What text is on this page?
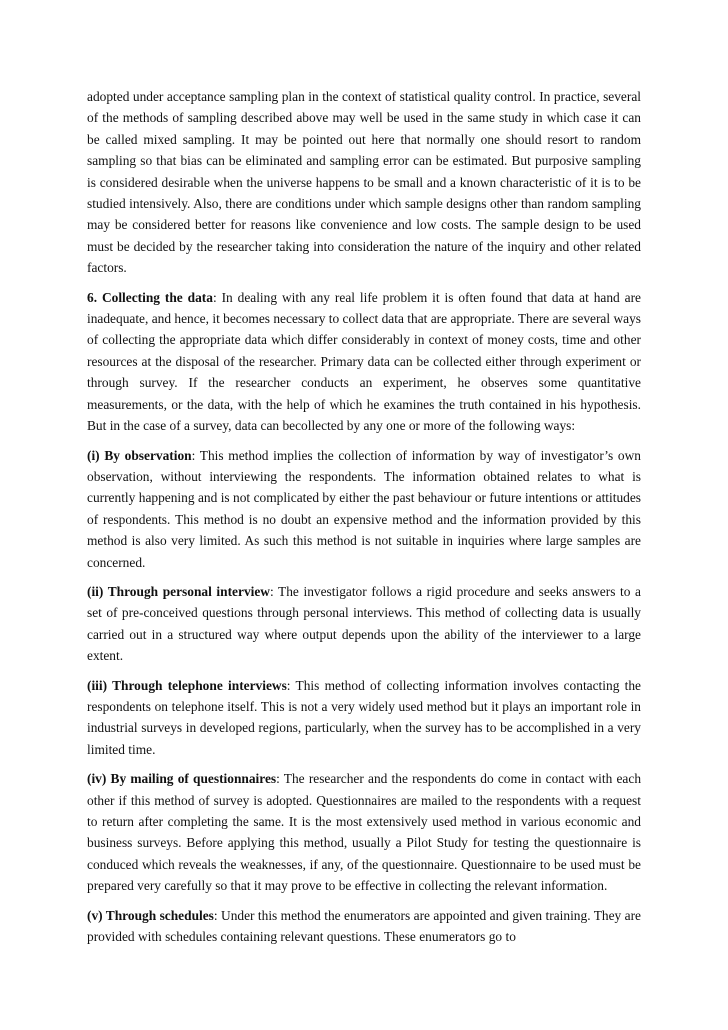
adopted under acceptance sampling plan in the context of statistical quality control. In practice, several of the methods of sampling described above may well be used in the same study in which case it can be called mixed sampling. It may be pointed out here that normally one should resort to random sampling so that bias can be eliminated and sampling error can be estimated. But purposive sampling is considered desirable when the universe happens to be small and a known characteristic of it is to be studied intensively. Also, there are conditions under which sample designs other than random sampling may be considered better for reasons like convenience and low costs. The sample design to be used must be decided by the researcher taking into consideration the nature of the inquiry and other related factors.

6. Collecting the data: In dealing with any real life problem it is often found that data at hand are inadequate, and hence, it becomes necessary to collect data that are appropriate. There are several ways of collecting the appropriate data which differ considerably in context of money costs, time and other resources at the disposal of the researcher. Primary data can be collected either through experiment or through survey. If the researcher conducts an experiment, he observes some quantitative measurements, or the data, with the help of which he examines the truth contained in his hypothesis. But in the case of a survey, data can becollected by any one or more of the following ways:

(i) By observation: This method implies the collection of information by way of investigator’s own observation, without interviewing the respondents. The information obtained relates to what is currently happening and is not complicated by either the past behaviour or future intentions or attitudes of respondents. This method is no doubt an expensive method and the information provided by this method is also very limited. As such this method is not suitable in inquiries where large samples are concerned.

(ii) Through personal interview: The investigator follows a rigid procedure and seeks answers to a set of pre-conceived questions through personal interviews. This method of collecting data is usually carried out in a structured way where output depends upon the ability of the interviewer to a large extent.

(iii) Through telephone interviews: This method of collecting information involves contacting the respondents on telephone itself. This is not a very widely used method but it plays an important role in industrial surveys in developed regions, particularly, when the survey has to be accomplished in a very limited time.

(iv) By mailing of questionnaires: The researcher and the respondents do come in contact with each other if this method of survey is adopted. Questionnaires are mailed to the respondents with a request to return after completing the same. It is the most extensively used method in various economic and business surveys. Before applying this method, usually a Pilot Study for testing the questionnaire is conduced which reveals the weaknesses, if any, of the questionnaire. Questionnaire to be used must be prepared very carefully so that it may prove to be effective in collecting the relevant information.

(v) Through schedules: Under this method the enumerators are appointed and given training. They are provided with schedules containing relevant questions. These enumerators go to
